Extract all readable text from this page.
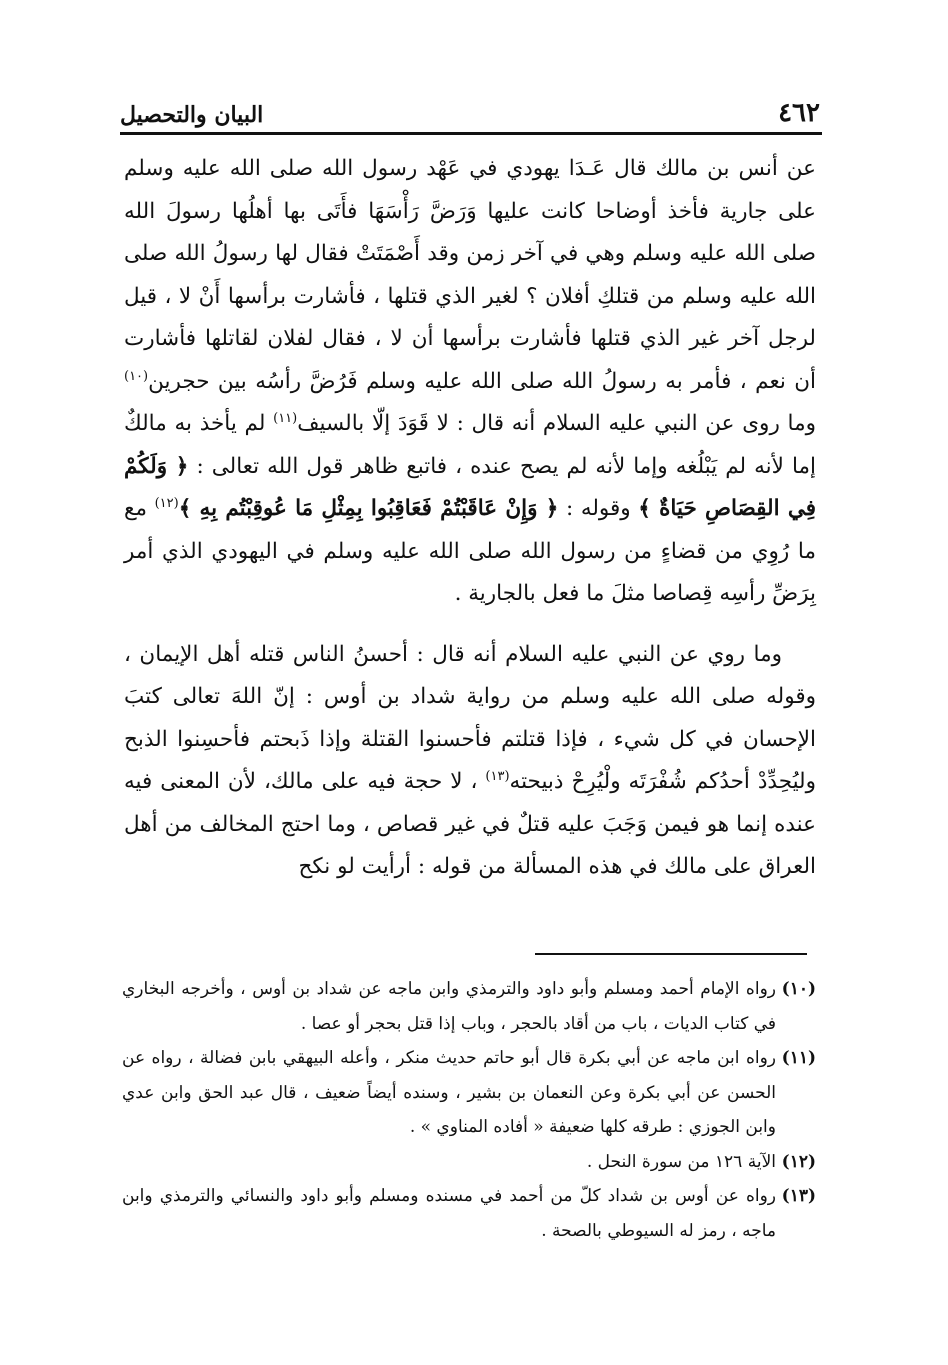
٤٦٢
البيان والتحصيل

عن أنس بن مالك قال عَـدَا يهودي في عَهْد رسول الله صلى الله عليه وسلم على جارية فأخذ أوضاحا كانت عليها وَرَضَّ رَأْسَهَا فأَتَى بها أهلُها رسولَ الله صلى الله عليه وسلم وهي في آخر زمن وقد أَصْمَتَتْ فقال لها رسولُ الله صلى الله عليه وسلم من قتلكِ أفلان ؟ لغير الذي قتلها ، فأشارت برأسها أَنْ لا ، قيل لرجل آخر غير الذي قتلها فأشارت برأسها أن لا ، فقال لفلان لقاتلها فأشارت أن نعم ، فأمر به رسولُ الله صلى الله عليه وسلم فَرُضَّ رأسُه بين حجرين$^{(١٠)}$ وما روى عن النبي عليه السلام أنه قال : لا قَوَدَ إلّا بالسيف$^{(١١)}$ لم يأخذ به مالكٌ إما لأنه لم يَبْلُغه وإما لأنه لم يصح عنده ، فاتبع ظاهر قول الله تعالى : ﴿ وَلَكُمْ فِي القِصَاصِ حَيَاةٌ ﴾ وقوله : ﴿ وَإِنْ عَاقَبْتُمْ فَعَاقِبُوا بِمِثْلِ مَا عُوقِبْتُم بِهِ ﴾$^{(١٢)}$ مع ما رُوِي من قضاءٍ من رسول الله صلى الله عليه وسلم في اليهودي الذي أمر بِرَضِّ رأسِه قِصاصا مثلَ ما فعل بالجارية .

وما روي عن النبي عليه السلام أنه قال : أحسنُ الناس قتله أهل الإيمان ، وقوله صلى الله عليه وسلم من رواية شداد بن أوس : إنّ اللهَ تعالى كتبَ الإحسان في كل شيء ، فإذا قتلتم فأحسنوا القتلة وإذا ذَبحتم فأحسِنوا الذبح وليُحِدِّدْ أحدُكم شُفْرَتَه ولْيُرِحْ ذبيحته$^{(١٣)}$ ، لا حجة فيه على مالك، لأن المعنى فيه عنده إنما هو فيمن وَجَبَ عليه قتلٌ في غير قصاص ، وما احتج المخالف من أهل العراق على مالك في هذه المسألة من قوله : أرأيت لو نكح

(١٠)رواه الإمام أحمد ومسلم وأبو داود والترمذي وابن ماجه عن شداد بن أوس ، وأخرجه البخاري في كتاب الديات ، باب من أقاد بالحجر ، وباب إذا قتل بحجر أو عصا .

(١١)رواه ابن ماجه عن أبي بكرة قال أبو حاتم حديث منكر ، وأعله البيهقي بابن فضالة ، رواه عن الحسن عن أبي بكرة وعن النعمان بن بشير ، وسنده أيضاً ضعيف ، قال عبد الحق وابن عدي وابن الجوزي : طرقه كلها ضعيفة « أفاده المناوي » .

(١٢)الآية ١٢٦ من سورة النحل .

(١٣)رواه عن أوس بن شداد كلّ من أحمد في مسنده ومسلم وأبو داود والنسائي والترمذي وابن ماجه ، رمز له السيوطي بالصحة .
